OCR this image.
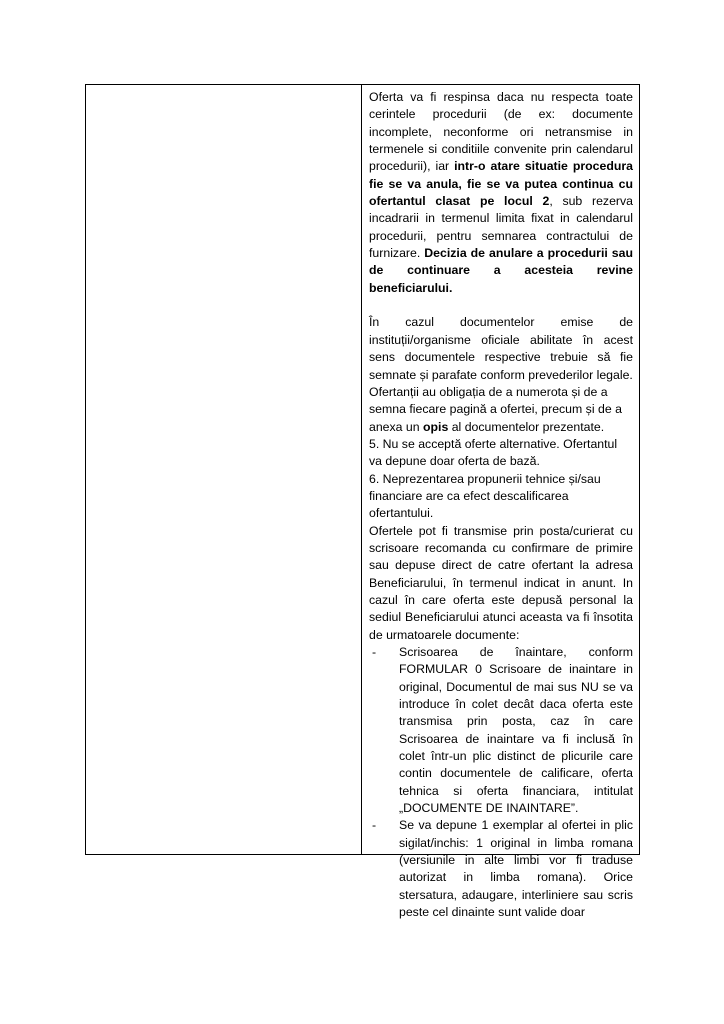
Oferta va fi respinsa daca nu respecta toate cerintele procedurii (de ex: documente incomplete, neconforme ori netransmise in termenele si conditiile convenite prin calendarul procedurii), iar intr-o atare situatie procedura fie se va anula, fie se va putea continua cu ofertantul clasat pe locul 2, sub rezerva incadrarii in termenul limita fixat in calendarul procedurii, pentru semnarea contractului de furnizare. Decizia de anulare a procedurii sau de continuare a acesteia revine beneficiarului.

În cazul documentelor emise de instituții/organisme oficiale abilitate în acest sens documentele respective trebuie să fie semnate și parafate conform prevederilor legale.

Ofertanții au obligația de a numerota și de a semna fiecare pagină a ofertei, precum și de a anexa un opis al documentelor prezentate.

5. Nu se acceptă oferte alternative. Ofertantul va depune doar oferta de bază.

6. Neprezentarea propunerii tehnice și/sau financiare are ca efect descalificarea ofertantului.

Ofertele pot fi transmise prin posta/curierat cu scrisoare recomanda cu confirmare de primire sau depuse direct de catre ofertant la adresa Beneficiarului, în termenul indicat in anunt. In cazul în care oferta este depusă personal la sediul Beneficiarului atunci aceasta va fi însotita de urmatoarele documente:

-	Scrisoarea de înaintare, conform FORMULAR 0 Scrisoare de inaintare in original, Documentul de mai sus NU se va introduce în colet decât daca oferta este transmisa prin posta, caz în care Scrisoarea de inaintare va fi inclusă în colet într-un plic distinct de plicurile care contin documentele de calificare, oferta tehnica si oferta financiara, intitulat „DOCUMENTE DE INAINTARE”.
-	Se va depune 1 exemplar al ofertei in plic sigilat/inchis: 1 original in limba romana (versiunile in alte limbi vor fi traduse autorizat in limba romana). Orice stersatura, adaugare, interliniere sau scris peste cel dinainte sunt valide doar
